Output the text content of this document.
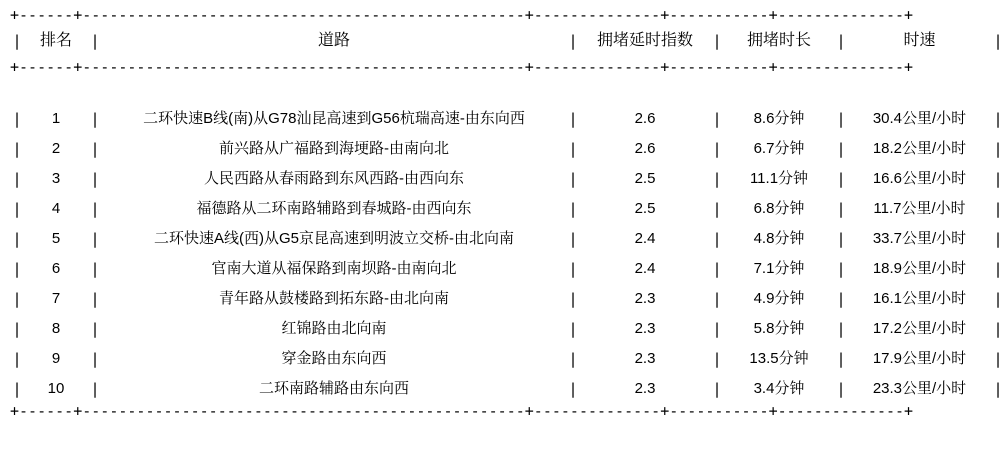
+------+-------------------------------------------------+--------------+-----------+--------------+										

|	排名	|	道路	|	拥堵延时指数	|	拥堵时长	|	时速	|

+------+-------------------------------------------------+--------------+-----------+--------------+										

|	1	|	二环快速B线(南)从G78汕昆高速到G56杭瑞高速-由东向西	|	2.6	|	8.6分钟	|	30.4公里/小时	|
|	2	|	前兴路从广福路到海埂路-由南向北	|	2.6	|	6.7分钟	|	18.2公里/小时	|
|	3	|	人民西路从春雨路到东风西路-由西向东	|	2.5	|	11.1分钟	|	16.6公里/小时	|
|	4	|	福德路从二环南路辅路到春城路-由西向东	|	2.5	|	6.8分钟	|	11.7公里/小时	|
|	5	|	二环快速A线(西)从G5京昆高速到明波立交桥-由北向南	|	2.4	|	4.8分钟	|	33.7公里/小时	|
|	6	|	官南大道从福保路到南坝路-由南向北	|	2.4	|	7.1分钟	|	18.9公里/小时	|
|	7	|	青年路从鼓楼路到拓东路-由北向南	|	2.3	|	4.9分钟	|	16.1公里/小时	|
|	8	|	红锦路由北向南	|	2.3	|	5.8分钟	|	17.2公里/小时	|
|	9	|	穿金路由东向西	|	2.3	|	13.5分钟	|	17.9公里/小时	|
|	10	|	二环南路辅路由东向西	|	2.3	|	3.4分钟	|	23.3公里/小时	|

+------+-------------------------------------------------+--------------+-----------+--------------+										
